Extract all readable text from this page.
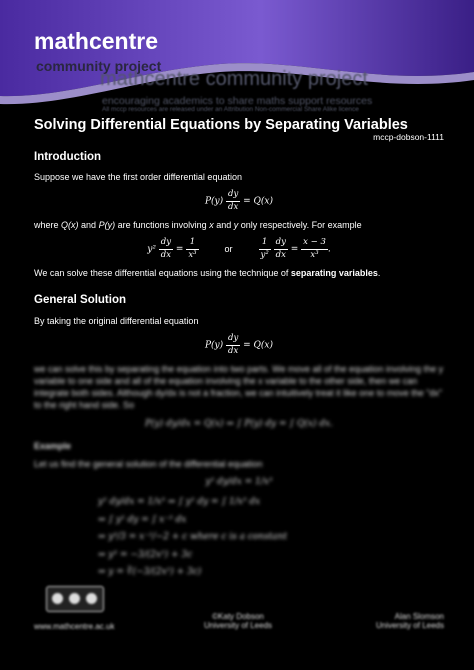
mathcentre
community project
mathcentre community project
encouraging academics to share maths support resources
All mccp resources are released under an Attribution Non-commercial Share Alike licence
Solving Differential Equations by Separating Variables
mccp-dobson-1111
Introduction

Suppose we have the first order differential equation

$P(y) \frac{dy}{dx} = Q(x)$

where Q(x) and P(y) are functions involving x and y only respectively. For example

$y^2 \frac{dy}{dx} = \frac{1}{\text{x³}}$	or	$\frac{1}{\text{y²}}$
$\frac{dy}{dx} = \frac{x - 3}{\text{x³}}$ .

We can solve these differential equations using the technique of separating variables.

General Solution

By taking the original differential equation

$P(y) \frac{dy}{dx} = Q(x)$

we can solve this by separating the equation into two parts. We move all of the equation involving the y variable to one side and all of the equation involving the x variable to the other side, then we can integrate both sides. Although dy/dx is not a fraction, we can intuitively treat it like one to move the "dx" to the right hand side. So

P(y) dy/dx = Q(x) ⇒ ∫ P(y) dy = ∫ Q(x) dx.
Example

Let us find the general solution of the differential equation

y² dy/dx = 1/x³
y² dy/dx = 1/x³ ⇒ ∫ y² dy = ∫ 1/x³ dx
⇒ ∫ y² dy = ∫ x⁻³ dx
⇒ y³/3 = x⁻²/−2 + c where c is a constant
⇒ y³ = −3/(2x²) + 3c
⇒ y = ∛(−3/(2x²) + 3c)
www.mathcentre.ac.uk
©Katy Dobson
University of Leeds
Alan Slomson
University of Leeds
